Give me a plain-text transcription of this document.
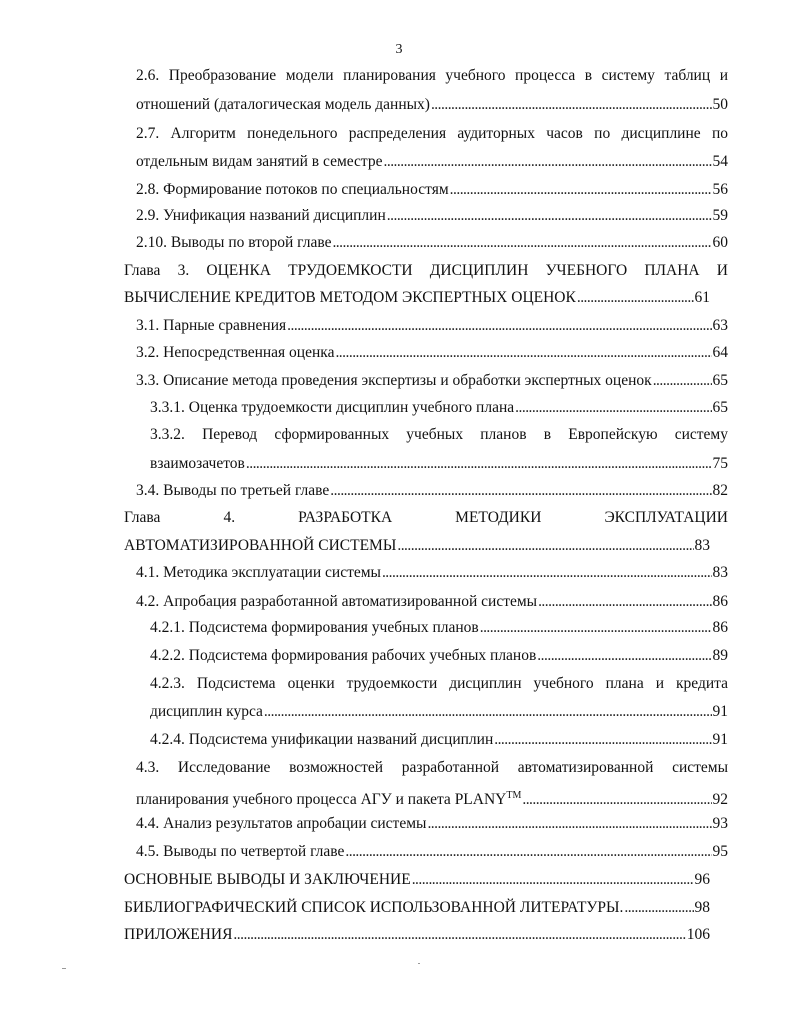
3
2.6. Преобразование модели планирования учебного процесса в систему таблиц и
отношений (даталогическая модель данных) . . .	50
2.7. Алгоритм понедельного распределения аудиторных часов по дисциплине по
отдельным видам занятий в семестре . . .	54
2.8. Формирование потоков по специальностям . . .	56
2.9. Унификация названий дисциплин . . .	59
2.10. Выводы по второй главе . . .	60
Глава 3. ОЦЕНКА ТРУДОЕМКОСТИ ДИСЦИПЛИН УЧЕБНОГО ПЛАНА И
ВЫЧИСЛЕНИЕ КРЕДИТОВ МЕТОДОМ ЭКСПЕРТНЫХ ОЦЕНОК . . .	61
3.1. Парные сравнения . . .	63
3.2. Непосредственная оценка . . .	64
3.3. Описание метода проведения экспертизы и обработки экспертных оценок . . .	65
3.3.1. Оценка трудоемкости дисциплин учебного плана . . .	65
3.3.2. Перевод сформированных учебных планов в Европейскую систему
взаимозачетов . . .	75
3.4. Выводы по третьей главе . . .	82
Глава 4. РАЗРАБОТКА МЕТОДИКИ ЭКСПЛУАТАЦИИ
АВТОМАТИЗИРОВАННОЙ СИСТЕМЫ . . .	83
4.1. Методика эксплуатации системы . . .	83
4.2. Апробация разработанной автоматизированной системы . . .	86
4.2.1. Подсистема формирования учебных планов . . .	86
4.2.2. Подсистема формирования рабочих учебных планов . . .	89
4.2.3. Подсистема оценки трудоемкости дисциплин учебного плана и кредита
дисциплин курса . . .	91
4.2.4. Подсистема унификации названий дисциплин . . .	91
4.3. Исследование возможностей разработанной автоматизированной системы
планирования учебного процесса АГУ и пакета PLANY™ . . .	92
4.4. Анализ результатов апробации системы . . .	93
4.5. Выводы по четвертой главе . . .	95
ОСНОВНЫЕ ВЫВОДЫ И ЗАКЛЮЧЕНИЕ . . .	96
БИБЛИОГРАФИЧЕСКИЙ СПИСОК ИСПОЛЬЗОВАННОЙ ЛИТЕРАТУРЫ. . . .	98
ПРИЛОЖЕНИЯ . . .	106
